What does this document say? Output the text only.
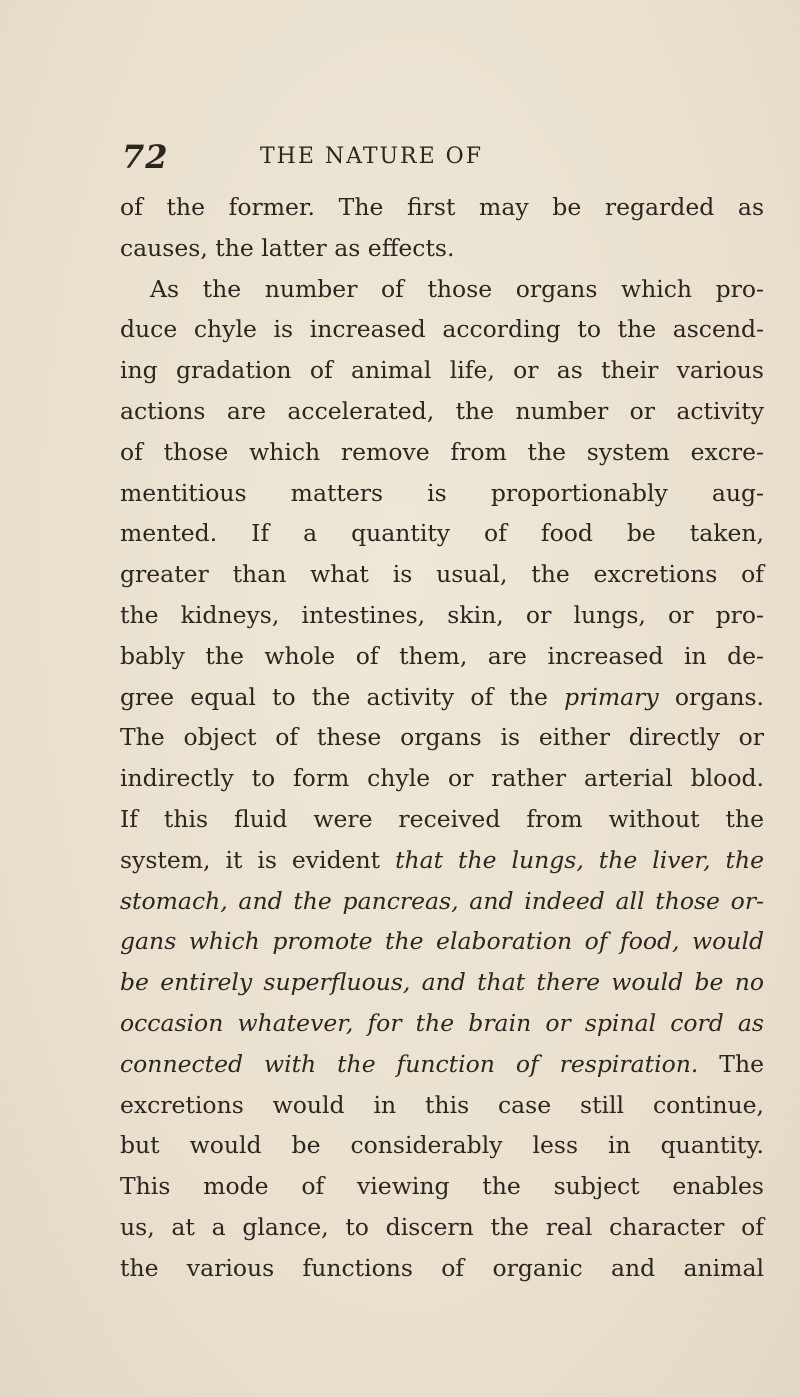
72	THE NATURE OF
of the former. The first may be regarded as
causes, the latter as effects.
As the number of those organs which pro-
duce chyle is increased according to the ascend-
ing gradation of animal life, or as their various
actions are accelerated, the number or activity
of those which remove from the system excre-
mentitious matters is proportionably aug-
mented. If a quantity of food be taken,
greater than what is usual, the excretions of
the kidneys, intestines, skin, or lungs, or pro-
bably the whole of them, are increased in de-
gree equal to the activity of the primary organs.
The object of these organs is either directly or
indirectly to form chyle or rather arterial blood.
If this fluid were received from without the
system, it is evident that the lungs, the liver, the
stomach, and the pancreas, and indeed all those or-
gans which promote the elaboration of food, would
be entirely superfluous, and that there would be no
occasion whatever, for the brain or spinal cord as
connected with the function of respiration. The
excretions would in this case still continue,
but would be considerably less in quantity.
This mode of viewing the subject enables
us, at a glance, to discern the real character of
the various functions of organic and animal
